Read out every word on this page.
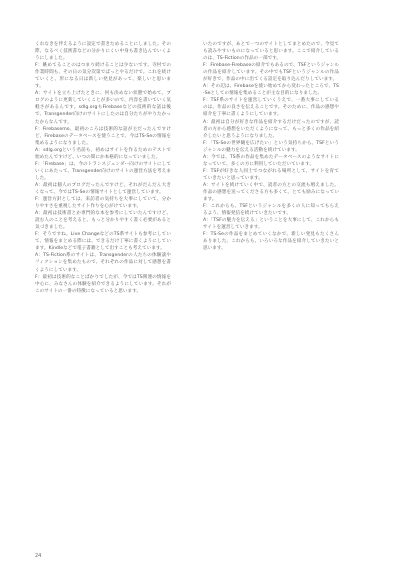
くれなきを伴えるように設定で書きためることにしました。その際、なるべく技術書などの分かりにくい中身も書き込んでいくようにしました。

F：眺めてることのはつまり続けることは少ないです。寺村での作業時間も、その日の気分次第でぱっとやるだけで。これを続けていくと、形になる日は新しい発見があって、楽しいと思います。

A：サイトを立ち上げたときに、何も決めない状態で始めて、ブログのように更新していくことが多いので、内容を書いていく気軽さがあるんです。sdlg.orgもFirebaseなどの技術的な話は後で、Transgender向けのサイトにしたのは自分たちがやりたかったからなんです。

F：Firebasemo、最初のころは技術的な話が主だったんですけど、Firebaseのデータベースを使うことで、今はTS-Seの情報を集めるようになりました。

A：sdlg.orgという名前も、初めはサイトを作るためのテストで始めたんですけど、いつの間にか本格的になっていました。

F：「Firebase」は、今のトランスジェンダー向けのサイトにしていくにあたって、Transgender向けのサイトの運営方法を考えました。

A：最初は個人のブログだったんですけど、それがだんだん大きくなって、今ではTS-Seの情報サイトとして運営しています。

F：運営方針としては、来訪者の気持ちを大事にしていて、分かりやすさを重視したサイト作りを心がけています。

A：最初は技術書とか専門的な本を参考にしていたんですけど、読む人のことを考えると、もっと分かりやすく書く必要があると気づきました。

F：そうですね。Live ChangeなどのTS系サイトも参考にしていて、情報をまとめる際には、できるだけ丁寧に書くようにしています。Kindleなどで電子書籍として出すことも考えています。

A：TS-Fiction系のサイトは、Transgenderの人たちの体験談やフィクションを集めたもので、それぞれの作品に対して感想を書くようにしています。

F：最初は技術的なことばかりでしたが、今ではTS関連の情報を中心に、みなさんの体験を紹介できるようにしています。それがこのサイトの一番の特徴になっていると思います。

いたのですが、あとで一つのサイトとしてまとめたので、今見ても読みやすいものになっていると思います。ここで紹介しているのは、TS-Fictionの作品の一部です。

F：Firebase-Firebaseの紹介でもあるので、TSFというジャンルの作品を紹介しています。その中でもTSFというジャンルの作品が好きで、作品の中に出てくる設定を取り込んだりしています。

A：その辺は、Firebaseを使い始めてから変わったところで、TS-Seとしての情報を集めることが主な目的になりました。

F：TSF系のサイトを運営していくうえで、一番大事にしているのは、作品の良さを伝えることです。そのために、作品の感想や紹介を丁寧に書くようにしています。

A：最初は自分が好きな作品を紹介するだけだったのですが、読者の方から感想をいただくようになって、もっと多くの作品を紹介したいと思うようになりました。

F：「TS-Seの世界観を広げたい」という気持ちから、TSFというジャンルの魅力を伝える活動を続けています。

A：今では、TS系の作品を集めたデータベースのようなサイトになっていて、多くの方に利用していただいています。

F：TSFが好きな人同士でつながれる場所として、サイトを育てていきたいと思っています。

A：サイトを続けていく中で、読者の方との交流も増えました。作品の感想を送ってくださる方も多くて、とても励みになっています。

F：これからも、TSFというジャンルを多くの人に知ってもらえるよう、情報発信を続けていきたいです。

A：「TSFの魅力を伝える」ということを大事にして、これからもサイトを運営していきます。

F：TS-Seの作品をまとめていくなかで、新しい発見もたくさんありました。これからも、いろいろな作品を紹介していきたいと思います。

24
